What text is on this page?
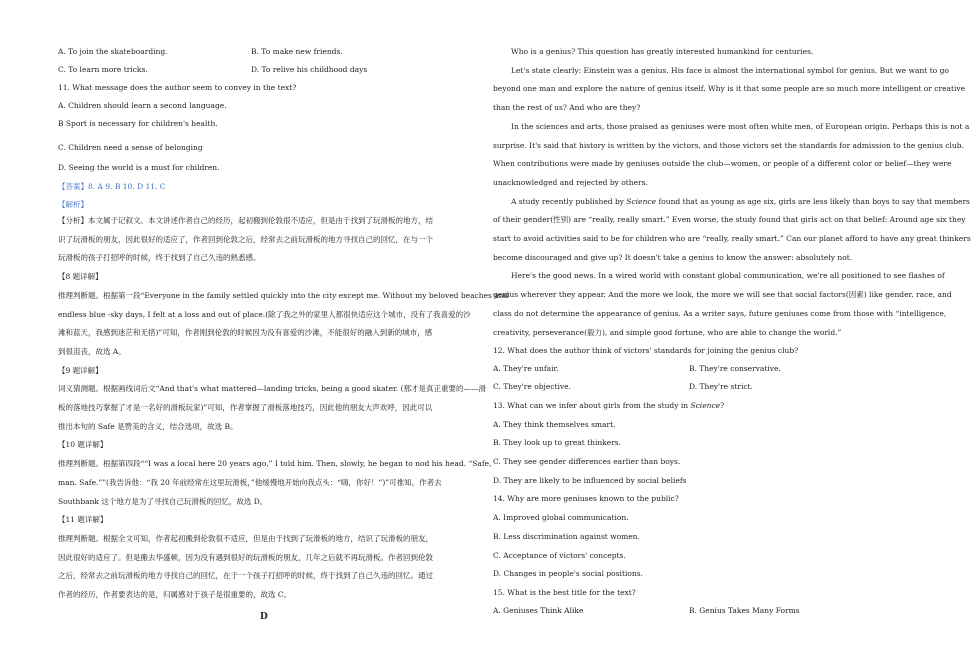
A. To join the skateboarding.	B. To make new friends.
C. To learn more tricks.	D. To relive his childhood days
11. What message does the author seem to convey in the text?
A. Children should learn a second language.
B Sport is necessary for children's health.
C. Children need a sense of belonging
D. Seeing the world is a must for children.
【答案】8. A 9. B 10. D 11. C
【解析】

【分析】本文属于记叙文。本文讲述作者自己的经历，起初搬到伦敦很不适应，但是由于找到了玩滑板的地方，结

识了玩滑板的朋友，因此很好的适应了，作者回到伦敦之后，经常去之前玩滑板的地方寻找自己的回忆，在与一个

玩滑板的孩子打招呼的时候，终于找到了自己久违的熟悉感。

【8 题详解】

推理判断题。根据第一段“Everyone in the family settled quickly into the city except me. Without my beloved beaches and

endless blue -sky days, I felt at a loss and out of place.(除了我之外的家里人都很快适应这个城市，没有了我喜爱的沙

滩和蓝天，我感到迷茫和无措)”可知，作者刚到伦敦的时候因为没有喜爱的沙滩，不能很好的融入到新的城市，感

到很沮丧，故选 A。

【9 题详解】

词义猜测题。根据画线词后文“And that's what mattered—landing tricks, being a good skater. (那才是真正重要的——滑

板的落地技巧掌握了才是一名好的滑板玩家)”可知，作者掌握了滑板落地技巧，因此他的朋友大声欢呼，因此可以

推出本句的 Safe 是赞美的含义，结合选项，故选 B。

【10 题详解】

推理判断题。根据第四段““I was a local here 20 years ago,” I told him. Then, slowly, he began to nod his head. “Safe,

man. Safe.””(我告诉他：“我 20 年前经常在这里玩滑板，”他缓慢地开始向我点头：“嗨，你好！”)”可推知，作者去

Southbank 这个地方是为了寻找自己玩滑板的回忆，故选 D。

【11 题详解】

推理判断题。根据全文可知，作者起初搬到伦敦很不适应，但是由于找到了玩滑板的地方，结识了玩滑板的朋友，

因此很好的适应了。但是搬去华盛顿，因为没有遇到很好的玩滑板的朋友，几年之后就不再玩滑板。作者回到伦敦

之后，经常去之前玩滑板的地方寻找自己的回忆，在于一个孩子打招呼的时候，终于找到了自己久违的回忆。通过

作者的经历，作者要表达的是，归属感对于孩子是很重要的，故选 C。

D

Who is a genius? This question has greatly interested humankind for centuries.

Let's state clearly: Einstein was a genius. His face is almost the international symbol for genius. But we want to go

beyond one man and explore the nature of genius itself. Why is it that some people are so much more intelligent or creative

than the rest of us? And who are they?

In the sciences and arts, those praised as geniuses were most often white men, of European origin. Perhaps this is not a

surprise. It's said that history is written by the victors, and those victors set the standards for admission to the genius club.

When contributions were made by geniuses outside the club—women, or people of a different color or belief—they were

unacknowledged and rejected by others.

A study recently published by Science found that as young as age six, girls are less likely than boys to say that members

of their gender(性别) are “really, really smart.” Even worse, the study found that girls act on that belief: Around age six they

start to avoid activities said to be for children who are “really, really smart.” Can our planet afford to have any great thinkers

become discouraged and give up? It doesn't take a genius to know the answer: absolutely not.

Here's the good news. In a wired world with constant global communication, we're all positioned to see flashes of

genius wherever they appear. And the more we look, the more we will see that social factors(因素) like gender, race, and

class do not determine the appearance of genius. As a writer says, future geniuses come from those with “intelligence,

creativity, perseverance(毅力), and simple good fortune, who are able to change the world.”

12. What does the author think of victors' standards for joining the genius club?
A. They're unfair.	B. They're conservative.
C. They're objective.	D. They're strict.
13. What can we infer about girls from the study in Science?
A. They think themselves smart.
B. They look up to great thinkers.
C. They see gender differences earlier than boys.
D. They are likely to be influenced by social beliefs
14. Why are more geniuses known to the public?
A. Improved global communication.
B. Less discrimination against women.
C. Acceptance of victors' concepts.
D. Changes in people's social positions.
15. What is the best title for the text?
A. Geniuses Think Alike	B. Genius Takes Many Forms
